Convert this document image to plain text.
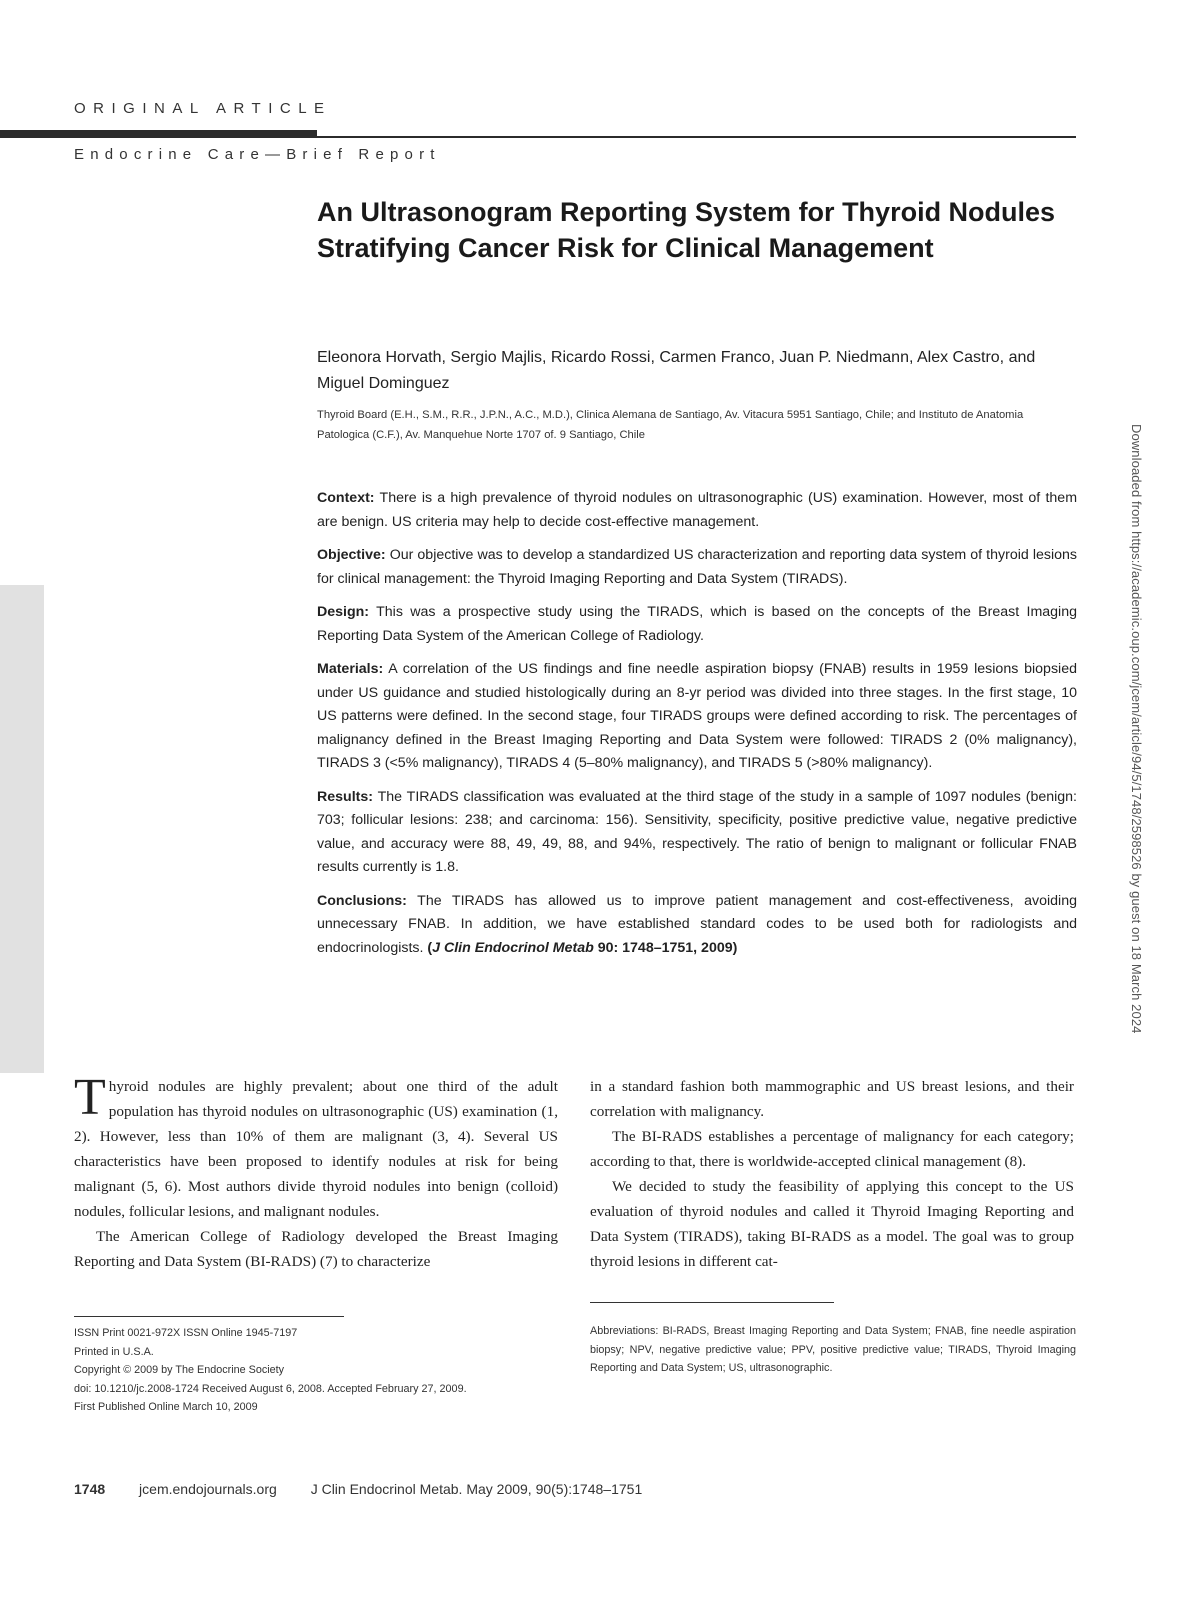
ORIGINAL ARTICLE
Endocrine Care—Brief Report
An Ultrasonogram Reporting System for Thyroid Nodules Stratifying Cancer Risk for Clinical Management
Eleonora Horvath, Sergio Majlis, Ricardo Rossi, Carmen Franco, Juan P. Niedmann, Alex Castro, and Miguel Dominguez
Thyroid Board (E.H., S.M., R.R., J.P.N., A.C., M.D.), Clinica Alemana de Santiago, Av. Vitacura 5951 Santiago, Chile; and Instituto de Anatomia Patologica (C.F.), Av. Manquehue Norte 1707 of. 9 Santiago, Chile

Context: There is a high prevalence of thyroid nodules on ultrasonographic (US) examination. However, most of them are benign. US criteria may help to decide cost-effective management.

Objective: Our objective was to develop a standardized US characterization and reporting data system of thyroid lesions for clinical management: the Thyroid Imaging Reporting and Data System (TIRADS).

Design: This was a prospective study using the TIRADS, which is based on the concepts of the Breast Imaging Reporting Data System of the American College of Radiology.

Materials: A correlation of the US findings and fine needle aspiration biopsy (FNAB) results in 1959 lesions biopsied under US guidance and studied histologically during an 8-yr period was divided into three stages. In the first stage, 10 US patterns were defined. In the second stage, four TIRADS groups were defined according to risk. The percentages of malignancy defined in the Breast Imaging Reporting and Data System were followed: TIRADS 2 (0% malignancy), TIRADS 3 (<5% malignancy), TIRADS 4 (5–80% malignancy), and TIRADS 5 (>80% malignancy).

Results: The TIRADS classification was evaluated at the third stage of the study in a sample of 1097 nodules (benign: 703; follicular lesions: 238; and carcinoma: 156). Sensitivity, specificity, positive predictive value, negative predictive value, and accuracy were 88, 49, 49, 88, and 94%, respectively. The ratio of benign to malignant or follicular FNAB results currently is 1.8.

Conclusions: The TIRADS has allowed us to improve patient management and cost-effectiveness, avoiding unnecessary FNAB. In addition, we have established standard codes to be used both for radiologists and endocrinologists. (J Clin Endocrinol Metab 90: 1748–1751, 2009)	Downloaded from https://academic.oup.com/jcem/article/94/5/1748/2598526 by guest on 18 March 2024

Thyroid nodules are highly prevalent; about one third of the adult population has thyroid nodules on ultrasonographic (US) examination (1, 2). However, less than 10% of them are malignant (3, 4). Several US characteristics have been proposed to identify nodules at risk for being malignant (5, 6). Most authors divide thyroid nodules into benign (colloid) nodules, follicular lesions, and malignant nodules.

The American College of Radiology developed the Breast Imaging Reporting and Data System (BI-RADS) (7) to characterize

in a standard fashion both mammographic and US breast lesions, and their correlation with malignancy.

The BI-RADS establishes a percentage of malignancy for each category; according to that, there is worldwide-accepted clinical management (8).

We decided to study the feasibility of applying this concept to the US evaluation of thyroid nodules and called it Thyroid Imaging Reporting and Data System (TIRADS), taking BI-RADS as a model. The goal was to group thyroid lesions in different cat-

ISSN Print 0021-972X ISSN Online 1945-7197
Printed in U.S.A.
Copyright © 2009 by The Endocrine Society
doi: 10.1210/jc.2008-1724 Received August 6, 2008. Accepted February 27, 2009.
First Published Online March 10, 2009
Abbreviations: BI-RADS, Breast Imaging Reporting and Data System; FNAB, fine needle aspiration biopsy; NPV, negative predictive value; PPV, positive predictive value; TIRADS, Thyroid Imaging Reporting and Data System; US, ultrasonographic.
1748 jcem.endojournals.org J Clin Endocrinol Metab. May 2009, 90(5):1748–1751
